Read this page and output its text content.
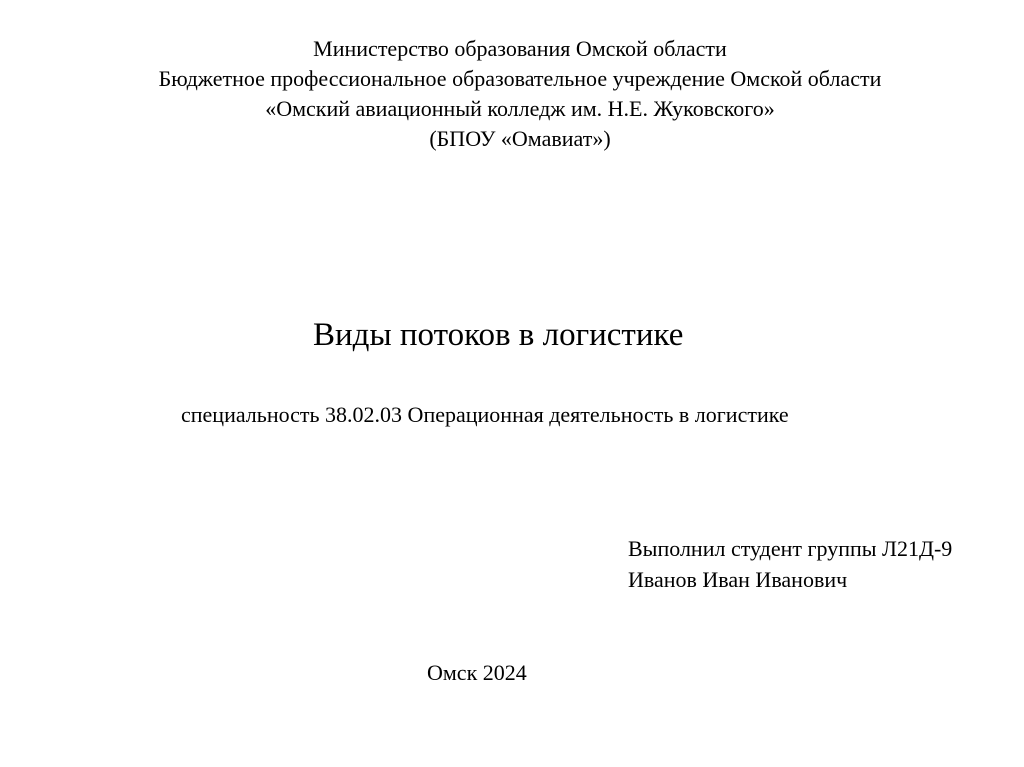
Министерство образования Омской области
Бюджетное профессиональное образовательное учреждение Омской области
«Омский авиационный колледж им. Н.Е. Жуковского»
(БПОУ «Омавиат»)
Виды потоков в логистике
специальность 38.02.03 Операционная деятельность в логистике
Выполнил студент группы Л21Д-9
Иванов Иван Иванович
Омск 2024
